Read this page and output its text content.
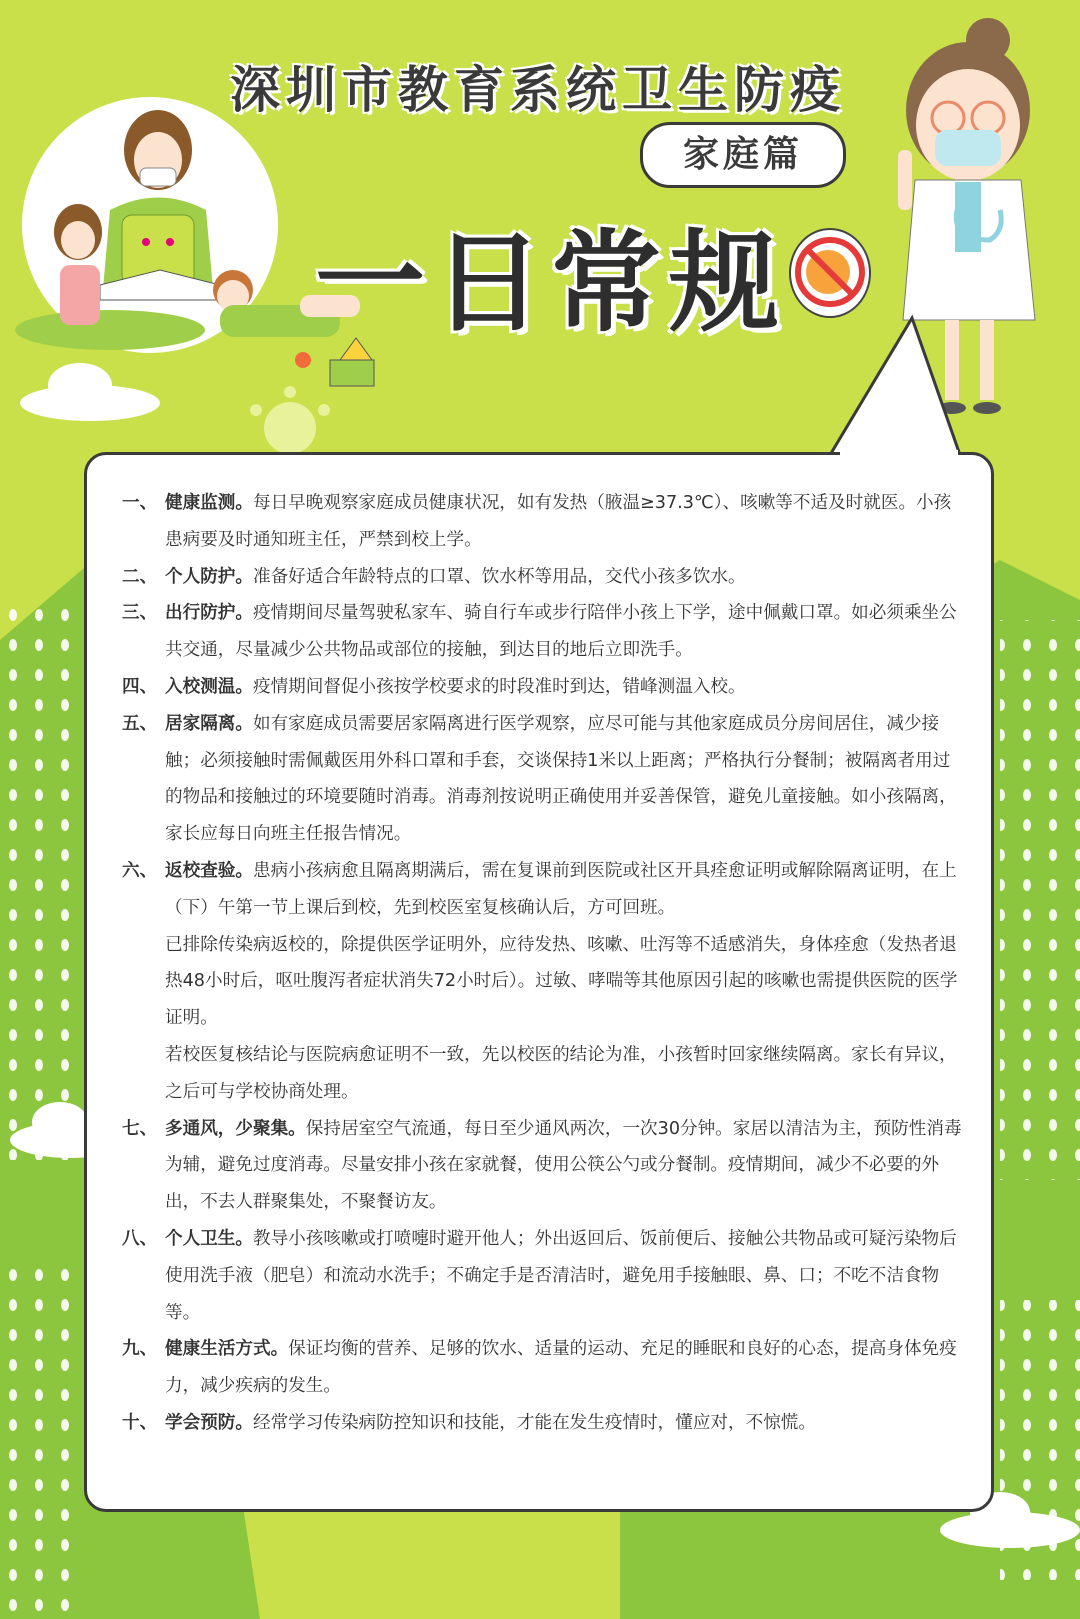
深圳市教育系统卫生防疫
家庭篇
一日常规
一、 健康监测。每日早晚观察家庭成员健康状况，如有发热（腋温≥37.3℃）、咳嗽等不适及时就医。小孩患病要及时通知班主任，严禁到校上学。
二、 个人防护。准备好适合年龄特点的口罩、饮水杯等用品，交代小孩多饮水。
三、 出行防护。疫情期间尽量驾驶私家车、骑自行车或步行陪伴小孩上下学，途中佩戴口罩。如必须乘坐公共交通，尽量减少公共物品或部位的接触，到达目的地后立即洗手。
四、 入校测温。疫情期间督促小孩按学校要求的时段准时到达，错峰测温入校。
五、 居家隔离。如有家庭成员需要居家隔离进行医学观察，应尽可能与其他家庭成员分房间居住，减少接触；必须接触时需佩戴医用外科口罩和手套，交谈保持1米以上距离；严格执行分餐制；被隔离者用过的物品和接触过的环境要随时消毒。消毒剂按说明正确使用并妥善保管，避免儿童接触。如小孩隔离，家长应每日向班主任报告情况。
六、 返校查验。患病小孩病愈且隔离期满后，需在复课前到医院或社区开具痊愈证明或解除隔离证明，在上（下）午第一节上课后到校，先到校医室复核确认后，方可回班。
已排除传染病返校的，除提供医学证明外，应待发热、咳嗽、吐泻等不适感消失，身体痊愈（发热者退热48小时后，呕吐腹泻者症状消失72小时后）。过敏、哮喘等其他原因引起的咳嗽也需提供医院的医学证明。
若校医复核结论与医院病愈证明不一致，先以校医的结论为准，小孩暂时回家继续隔离。家长有异议，之后可与学校协商处理。
七、 多通风，少聚集。保持居室空气流通，每日至少通风两次，一次30分钟。家居以清洁为主，预防性消毒为辅，避免过度消毒。尽量安排小孩在家就餐，使用公筷公勺或分餐制。疫情期间，减少不必要的外出，不去人群聚集处，不聚餐访友。
八、 个人卫生。教导小孩咳嗽或打喷嚏时避开他人；外出返回后、饭前便后、接触公共物品或可疑污染物后使用洗手液（肥皂）和流动水洗手；不确定手是否清洁时，避免用手接触眼、鼻、口；不吃不洁食物等。
九、 健康生活方式。保证均衡的营养、足够的饮水、适量的运动、充足的睡眠和良好的心态，提高身体免疫力，减少疾病的发生。
十、 学会预防。经常学习传染病防控知识和技能，才能在发生疫情时，懂应对，不惊慌。
